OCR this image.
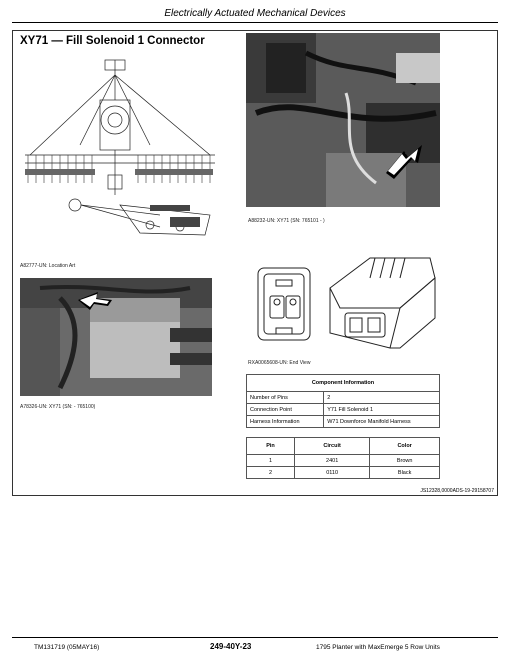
Electrically Actuated Mechanical Devices
XY71 — Fill Solenoid 1 Connector
A82777-UN: Location Art
A88232-UN: XY71 (SN: 765101 - )
A78326-UN: XY71 (SN: - 765100)
RXA0065608-UN: End View
Component Information	
Number of Pins	2
Connection Point	Y71 Fill Solenoid 1
Harness Information	W71 Downforce Manifold Harness
Pin	Circuit	Color
1	2401	Brown
2	0110	Black
JS12328,0000ADS-19-29158707
TM131719 (05MAY16)	249-40Y-23	1795 Planter with MaxEmerge 5 Row Units
